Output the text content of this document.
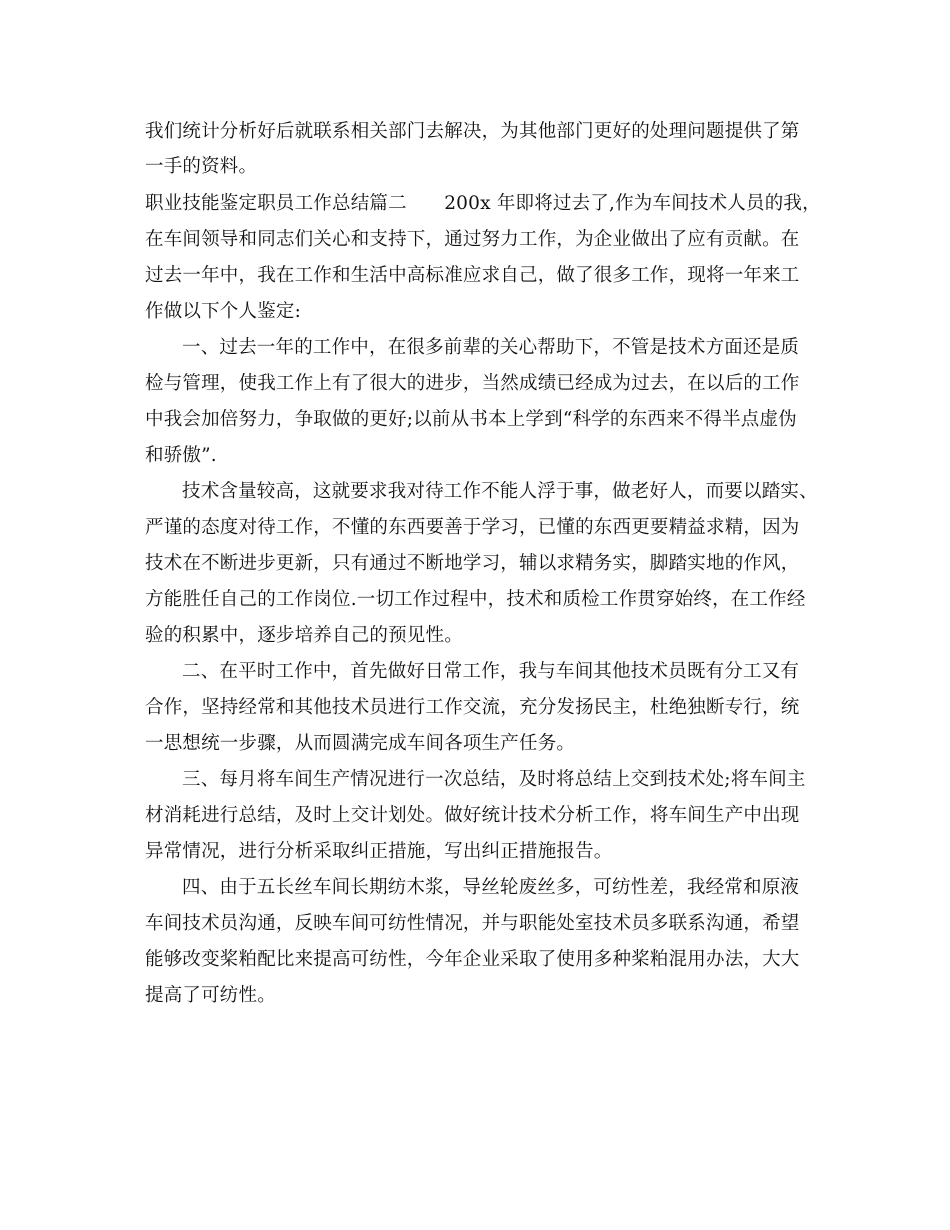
我们统计分析好后就联系相关部门去解决，为其他部门更好的处理问题提供了第
一手的资料。
职业技能鉴定职员工作总结篇二　　200x 年即将过去了,作为车间技术人员的我，
在车间领导和同志们关心和支持下，通过努力工作，为企业做出了应有贡献。在
过去一年中，我在工作和生活中高标准应求自己，做了很多工作，现将一年来工
作做以下个人鉴定:
一、过去一年的工作中，在很多前辈的关心帮助下，不管是技术方面还是质
检与管理，使我工作上有了很大的进步，当然成绩已经成为过去，在以后的工作
中我会加倍努力，争取做的更好;以前从书本上学到“科学的东西来不得半点虚伪
和骄傲”.
技术含量较高，这就要求我对待工作不能人浮于事，做老好人，而要以踏实、
严谨的态度对待工作，不懂的东西要善于学习，已懂的东西更要精益求精，因为
技术在不断进步更新，只有通过不断地学习，辅以求精务实，脚踏实地的作风，
方能胜任自己的工作岗位.一切工作过程中，技术和质检工作贯穿始终，在工作经
验的积累中，逐步培养自己的预见性。
二、在平时工作中，首先做好日常工作，我与车间其他技术员既有分工又有
合作，坚持经常和其他技术员进行工作交流，充分发扬民主，杜绝独断专行，统
一思想统一步骤，从而圆满完成车间各项生产任务。
三、每月将车间生产情况进行一次总结，及时将总结上交到技术处;将车间主
材消耗进行总结，及时上交计划处。做好统计技术分析工作，将车间生产中出现
异常情况，进行分析采取纠正措施，写出纠正措施报告。
四、由于五长丝车间长期纺木浆，导丝轮废丝多，可纺性差，我经常和原液
车间技术员沟通，反映车间可纺性情况，并与职能处室技术员多联系沟通，希望
能够改变桨粕配比来提高可纺性，今年企业采取了使用多种桨粕混用办法，大大
提高了可纺性。
